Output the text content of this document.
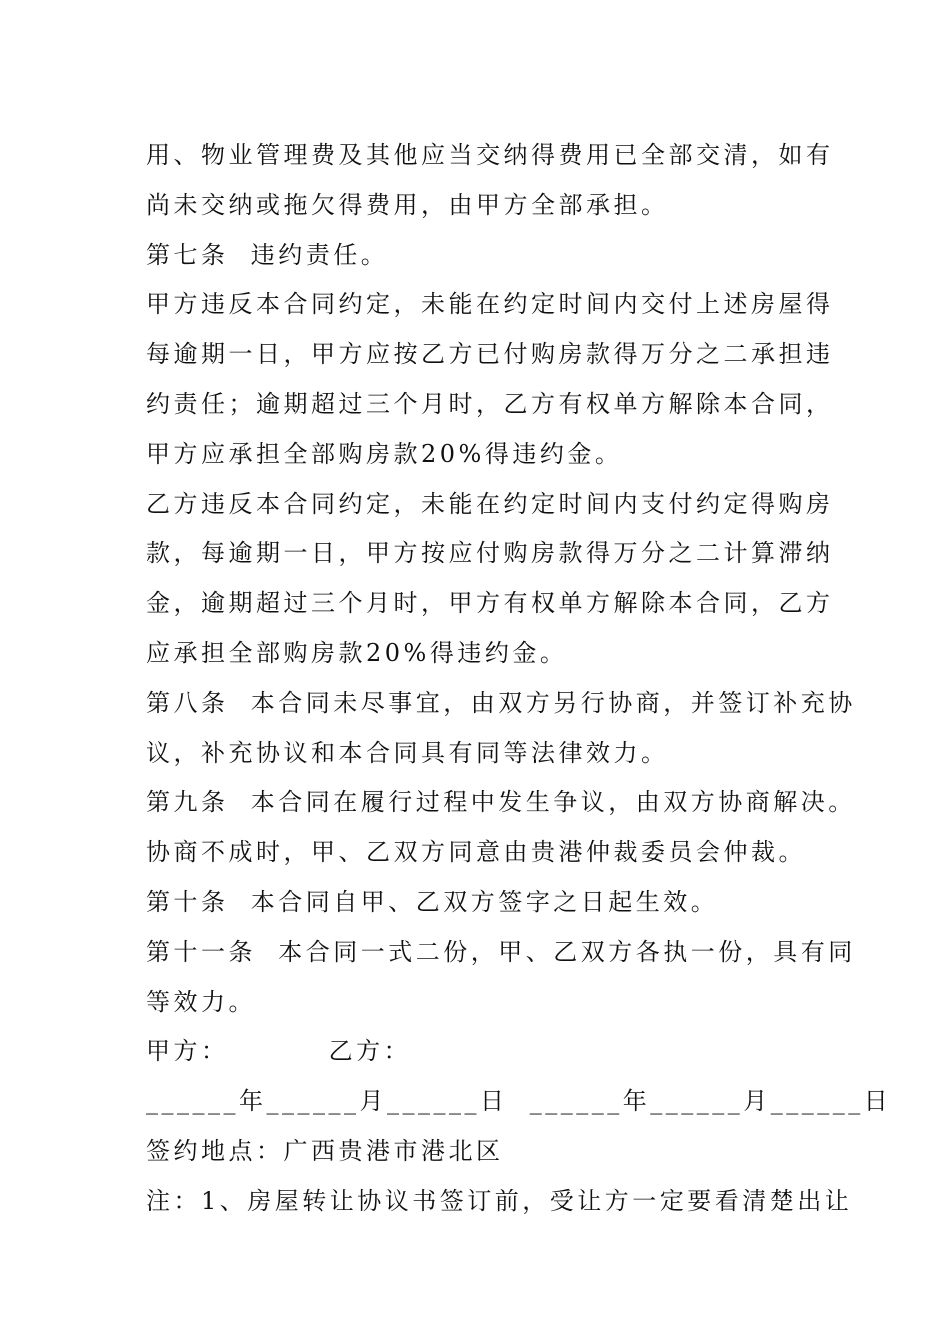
用、物业管理费及其他应当交纳得费用已全部交清，如有
尚未交纳或拖欠得费用，由甲方全部承担。
第七条  违约责任。
甲方违反本合同约定，未能在约定时间内交付上述房屋得
每逾期一日，甲方应按乙方已付购房款得万分之二承担违
约责任；逾期超过三个月时，乙方有权单方解除本合同，
甲方应承担全部购房款20%得违约金。
乙方违反本合同约定，未能在约定时间内支付约定得购房
款，每逾期一日，甲方按应付购房款得万分之二计算滞纳
金，逾期超过三个月时，甲方有权单方解除本合同，乙方
应承担全部购房款20%得违约金。
第八条  本合同未尽事宜，由双方另行协商，并签订补充协
议，补充协议和本合同具有同等法律效力。
第九条  本合同在履行过程中发生争议，由双方协商解决。
协商不成时，甲、乙双方同意由贵港仲裁委员会仲裁。
第十条  本合同自甲、乙双方签字之日起生效。
第十一条  本合同一式二份，甲、乙双方各执一份，具有同
等效力。
甲方：         乙方：
______年______月______日  ______年______月______日
签约地点：广西贵港市港北区
注：1、房屋转让协议书签订前，受让方一定要看清楚出让
